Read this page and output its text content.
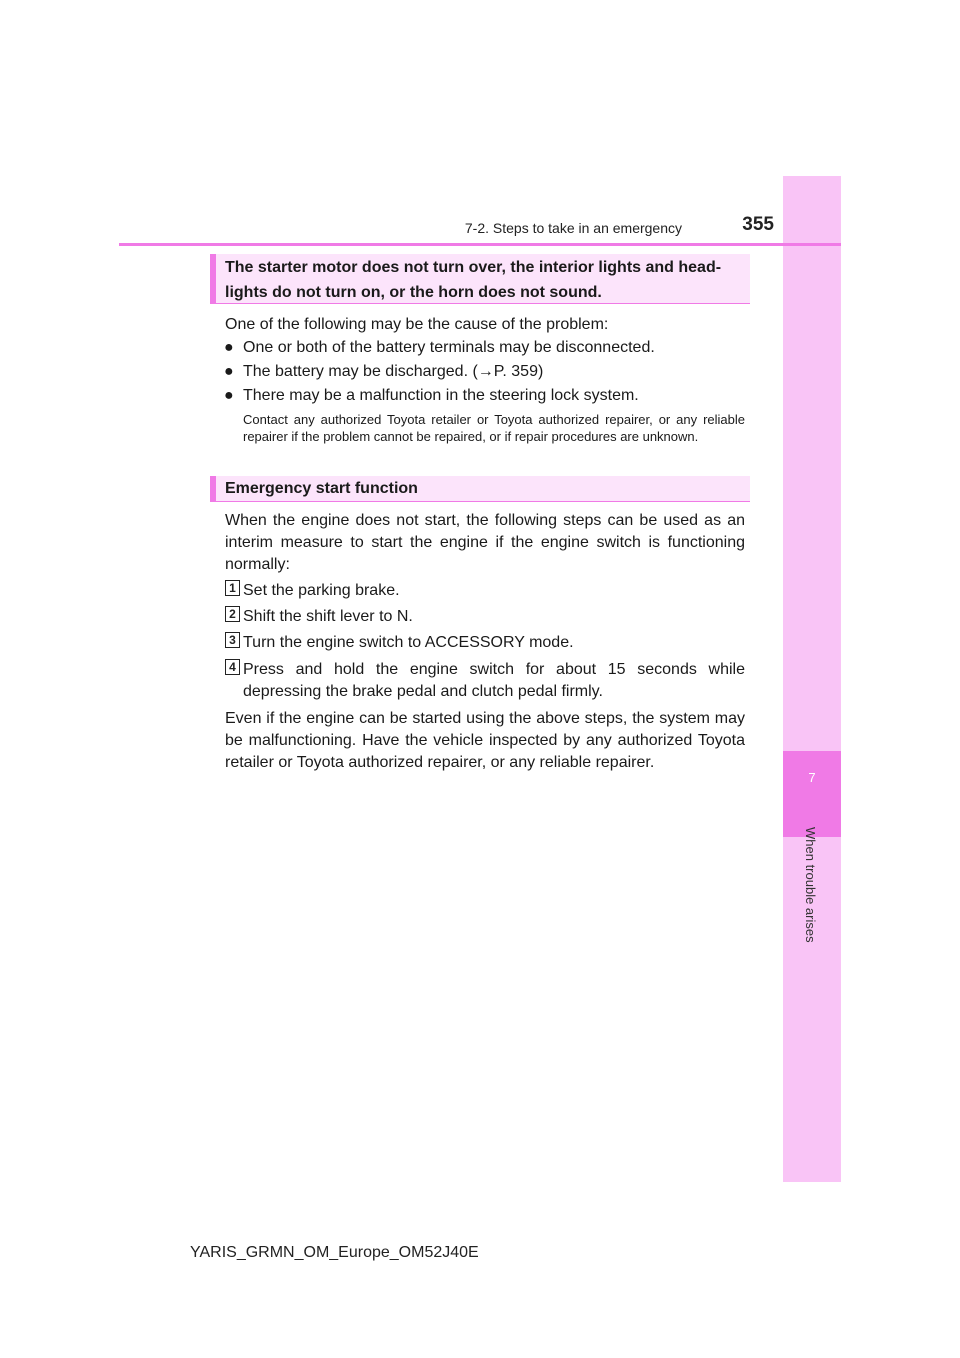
7
When trouble arises
7-2. Steps to take in an emergency	355
The starter motor does not turn over, the interior lights and head-
lights do not turn on, or the horn does not sound.
One of the following may be the cause of the problem:
● One or both of the battery terminals may be disconnected.
● The battery may be discharged. (→P. 359)
● There may be a malfunction in the steering lock system.
Contact any authorized Toyota retailer or Toyota authorized repairer, or any reliable repairer if the problem cannot be repaired, or if repair procedures are unknown.
Emergency start function
When the engine does not start, the following steps can be used as an interim measure to start the engine if the engine switch is functioning normally:
1 Set the parking brake.
2 Shift the shift lever to N.
3 Turn the engine switch to ACCESSORY mode.
4 Press and hold the engine switch for about 15 seconds while depressing the brake pedal and clutch pedal firmly.
Even if the engine can be started using the above steps, the system may be malfunctioning. Have the vehicle inspected by any authorized Toyota retailer or Toyota authorized repairer, or any reliable repairer.
YARIS_GRMN_OM_Europe_OM52J40E
